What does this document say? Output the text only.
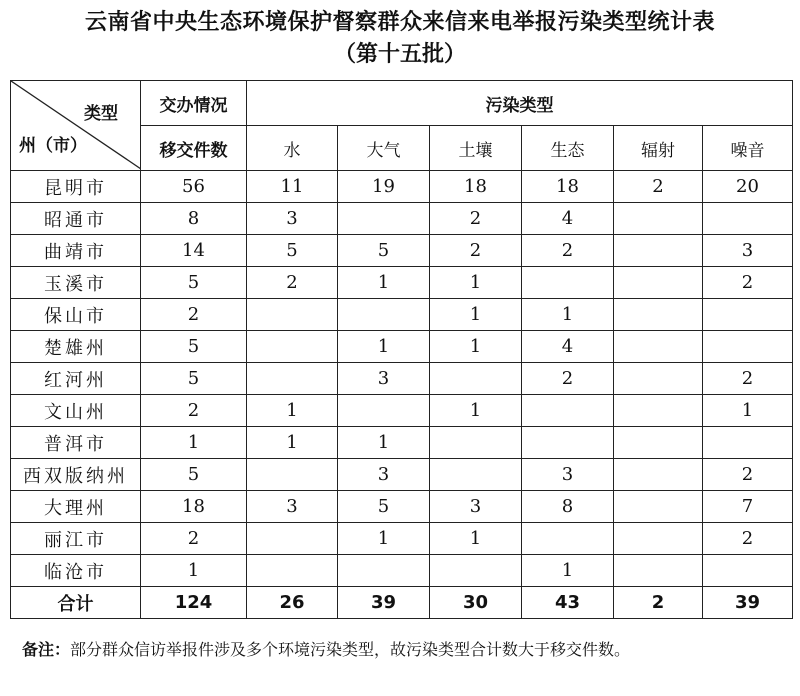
云南省中央生态环境保护督察群众来信来电举报污染类型统计表
（第十五批）
类型
州（市）	交办情况	污染类型					
	移交件数	水	大气	土壤	生态	辐射	噪音
昆明市	56	11	19	18	18	2	20
昭通市	8	3		2	4		
曲靖市	14	5	5	2	2		3
玉溪市	5	2	1	1			2
保山市	2			1	1		
楚雄州	5		1	1	4		
红河州	5		3		2		2
文山州	2	1		1			1
普洱市	1	1	1				
西双版纳州	5		3		3		2
大理州	18	3	5	3	8		7
丽江市	2		1	1			2
临沧市	1				1		
合计	124	26	39	30	43	2	39
备注：部分群众信访举报件涉及多个环境污染类型，故污染类型合计数大于移交件数。
